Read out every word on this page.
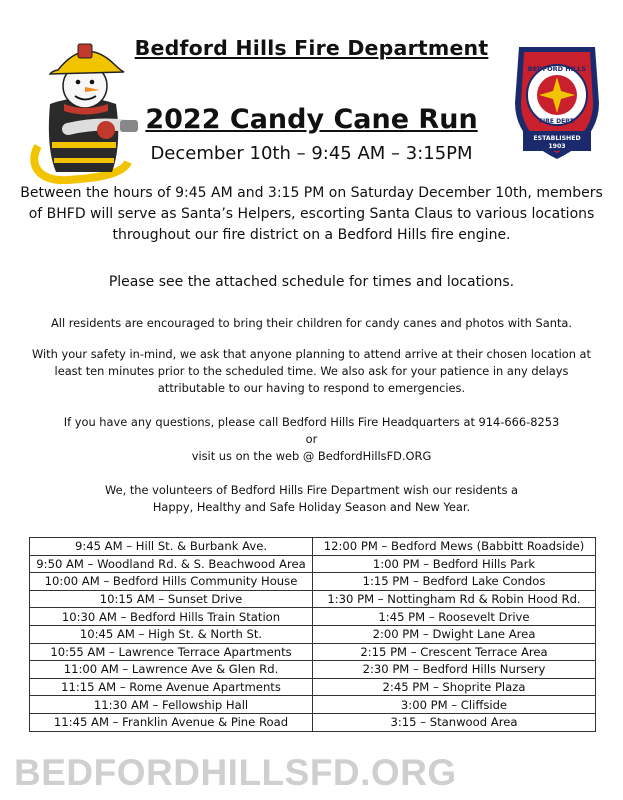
BEDFORD HILLS
FIRE DEPT.
ESTABLISHED
1903
Bedford Hills Fire Department
2022 Candy Cane Run
December 10th – 9:45 AM – 3:15PM
Between the hours of 9:45 AM and 3:15 PM on Saturday December 10th, members of BHFD will serve as Santa’s Helpers, escorting Santa Claus to various locations throughout our fire district on a Bedford Hills fire engine.
Please see the attached schedule for times and locations.
All residents are encouraged to bring their children for candy canes and photos with Santa.
With your safety in-mind, we ask that anyone planning to attend arrive at their chosen location at least ten minutes prior to the scheduled time. We also ask for your patience in any delays attributable to our having to respond to emergencies.
If you have any questions, please call Bedford Hills Fire Headquarters at 914-666-8253
or
visit us on the web @ BedfordHillsFD.ORG
We, the volunteers of Bedford Hills Fire Department wish our residents a
Happy, Healthy and Safe Holiday Season and New Year.
9:45 AM – Hill St. & Burbank Ave.	12:00 PM – Bedford Mews (Babbitt Roadside)
9:50 AM – Woodland Rd. & S. Beachwood Area	1:00 PM – Bedford Hills Park
10:00 AM – Bedford Hills Community House	1:15 PM – Bedford Lake Condos
10:15 AM – Sunset Drive	1:30 PM – Nottingham Rd & Robin Hood Rd.
10:30 AM – Bedford Hills Train Station	1:45 PM – Roosevelt Drive
10:45 AM – High St. & North St.	2:00 PM – Dwight Lane Area
10:55 AM – Lawrence Terrace Apartments	2:15 PM – Crescent Terrace Area
11:00 AM – Lawrence Ave & Glen Rd.	2:30 PM – Bedford Hills Nursery
11:15 AM – Rome Avenue Apartments	2:45 PM – Shoprite Plaza
11:30 AM – Fellowship Hall	3:00 PM – Cliffside
11:45 AM – Franklin Avenue & Pine Road	3:15 – Stanwood Area
BEDFORDHILLSFD.ORG
